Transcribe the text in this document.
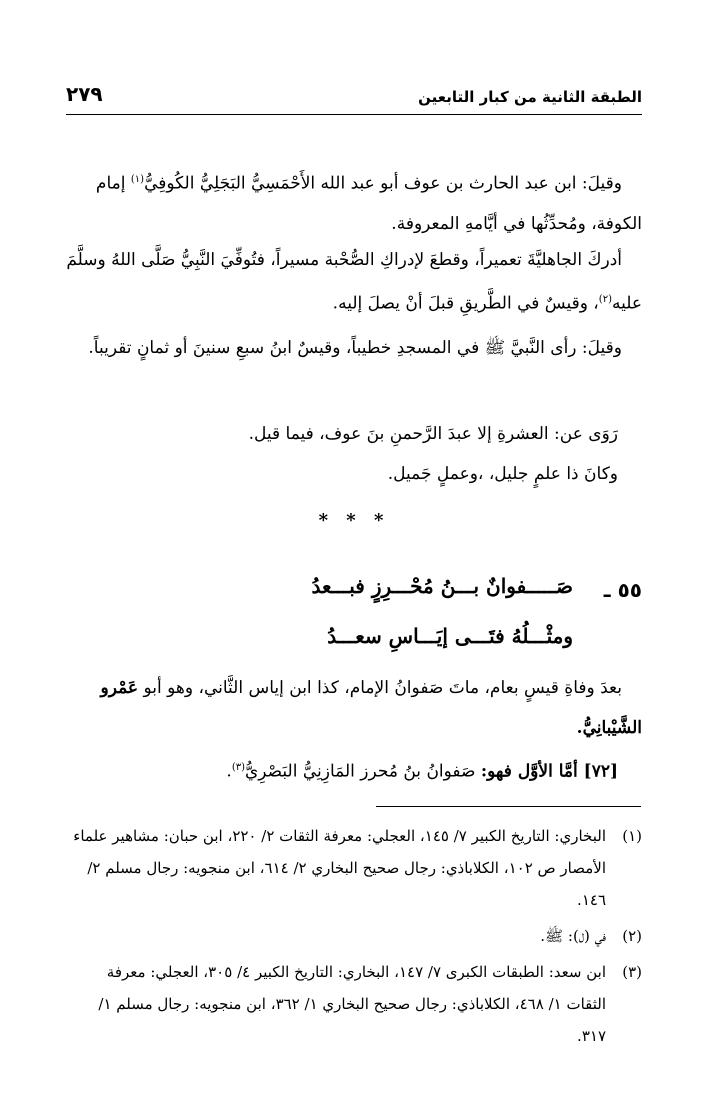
الطبقة الثانية من كبار التابعين
٢٧٩
وقيلَ: ابن عبد الحارث بن عوف أبو عبد الله الأَحْمَسِيُّ البَجَلِيُّ الكُوفِيُّ$^{(١)}$ إمام الكوفة، ومُحدِّثُها في أيَّامهِ المعروفة.
أدركَ الجاهليَّةَ تعميراً، وقطعَ لإدراكِ الصُّحْبة مسيراً، فتُوفِّيَ النَّبِيُّ صَلَّى اللهُ وسلَّمَ عليه$^{(٢)}$، وقيسٌ في الطَّريقِ قبلَ أنْ يصلَ إليه.
وقيلَ: رأى النَّبيَّ ﷺ في المسجدِ خطيباً، وقيسٌ ابنُ سبعِ سنينَ أو ثمانٍ تقريباً.
رَوَى عن: العشرةِ إلا عبدَ الرَّحمنِ بنَ عوف، فيما قيل.
وكانَ ذا علمٍ جليل، ،وعملٍ جَميل.
* * *
٥٥ ـ
صَـــــفوانٌ بـــنُ مُحْـــرِزٍ فبـــعدُ
ومثْـــلُهُ فتَـــى إيَـــاسِ سعـــدُ
بعدَ وفاةِ قيسٍ بعام، ماتَ صَفوانُ الإمام، كذا ابن إياس الثَّاني، وهو أبو عَمْرو الشَّيْبانِيُّ.
[٧٢] أمَّا الأوَّل فهو: صَفوانُ بنُ مُحرز المَازِنِيُّ البَصْرِيُّ$^{(٣)}$.
(١)
البخاري: التاريخ الكبير ٧/ ١٤٥، العجلي: معرفة الثقات ٢/ ٢٢٠، ابن حبان: مشاهير علماء الأمصار ص ١٠٢، الكلاباذي: رجال صحيح البخاري ٢/ ٦١٤، ابن منجويه: رجال مسلم ٢/ ١٤٦.
(٢)
في (ل): ﷺ.
(٣)
ابن سعد: الطبقات الكبرى ٧/ ١٤٧، البخاري: التاريخ الكبير ٤/ ٣٠٥، العجلي: معرفة الثقات ١/ ٤٦٨، الكلاباذي: رجال صحيح البخاري ١/ ٣٦٢، ابن منجويه: رجال مسلم ١/ ٣١٧.
